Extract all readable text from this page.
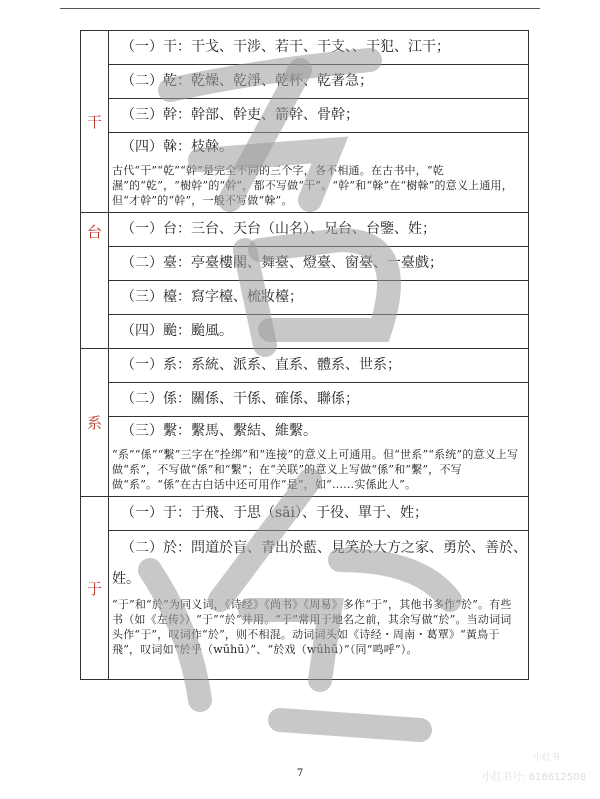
干	（一）干：干戈、干涉、若干、干支、、干犯、江干；

	（二）乾：乾燥、乾淨、乾杯、乾著急；

	（三）幹：幹部、幹吏、箭幹、骨幹；

	（四）榦：枝榦。
古代“干”“乾”“幹”是完全不同的三个字，各不相通。在古书中，“乾濕”的“乾”，“樹幹”的“幹”，都不写做“干”。“幹”和“榦”在“樹榦”的意义上通用，但“才幹”的“幹”，一般不写做“榦”。

台	（一）台：三台、天台（山名）、兄台、台鑒、姓；

	（二）臺：亭臺樓閣、舞臺、燈臺、窗臺、一臺戲；

	（三）檯：寫字檯、梳妝檯；

	（四）颱：颱風。

系	（一）系：系統、派系、直系、體系、世系；

	（二）係：關係、干係、確係、聯係；

	（三）繫：繫馬、繫結、維繫。
“系”“係”“繫”三字在“拴绑”和“连接”的意义上可通用。但“世系”“系统”的意义上写做“系”，不写做“係”和“繫”；在“关联”的意义上写做“係”和“繫”，不写做“系”。“係”在古白话中还可用作“是”，如“……实係此人”。

于	（一）于：于飛、于思（sāi）、于役、單于、姓；

	（二）於：問道於盲、青出於藍、見笑於大方之家、勇於、善於、姓。
“于”和“於”为同义词，《诗经》《尚书》《周易》多作“于”，其他书多作“於”。有些书（如《左传》）“于”“於”并用。“于”常用于地名之前，其余写做“於”。当动词词头作“于”，叹词作“於”，则不相混。动词词头如《诗经・周南・葛覃》“黃鳥于飛”，叹词如“於乎（wūhū）”、“於戏（wūhū）”（同“鸣呼”）。
7
小红书
小红书号: 616612508
